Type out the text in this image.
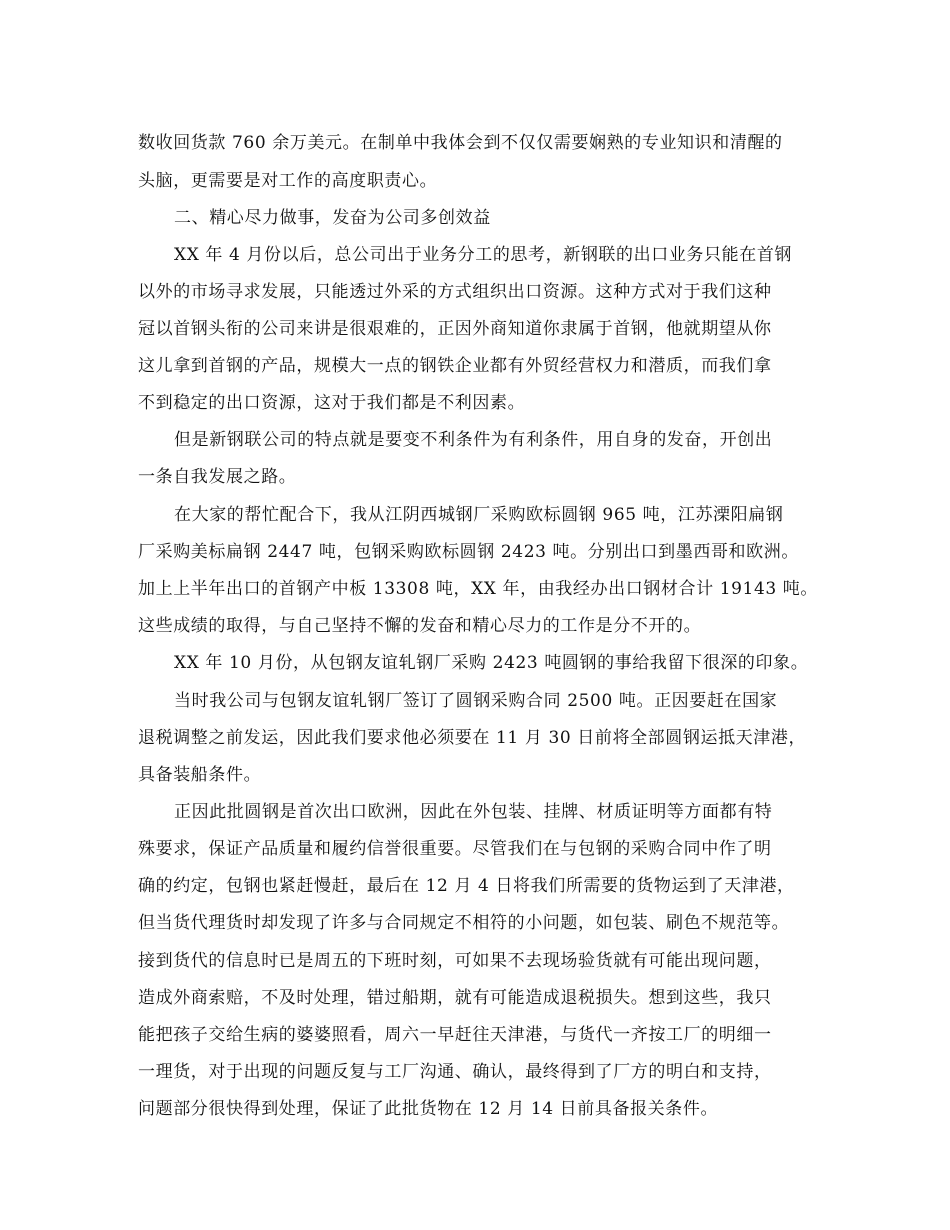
数收回货款 760 余万美元。在制单中我体会到不仅仅需要娴熟的专业知识和清醒的
头脑，更需要是对工作的高度职责心。
二、精心尽力做事，发奋为公司多创效益
XX 年 4 月份以后，总公司出于业务分工的思考，新钢联的出口业务只能在首钢
以外的市场寻求发展，只能透过外采的方式组织出口资源。这种方式对于我们这种
冠以首钢头衔的公司来讲是很艰难的，正因外商知道你隶属于首钢，他就期望从你
这儿拿到首钢的产品，规模大一点的钢铁企业都有外贸经营权力和潜质，而我们拿
不到稳定的出口资源，这对于我们都是不利因素。
但是新钢联公司的特点就是要变不利条件为有利条件，用自身的发奋，开创出
一条自我发展之路。
在大家的帮忙配合下，我从江阴西城钢厂采购欧标圆钢 965 吨，江苏溧阳扁钢
厂采购美标扁钢 2447 吨，包钢采购欧标圆钢 2423 吨。分别出口到墨西哥和欧洲。
加上上半年出口的首钢产中板 13308 吨，XX 年，由我经办出口钢材合计 19143 吨。
这些成绩的取得，与自己坚持不懈的发奋和精心尽力的工作是分不开的。
XX 年 10 月份，从包钢友谊轧钢厂采购 2423 吨圆钢的事给我留下很深的印象。
当时我公司与包钢友谊轧钢厂签订了圆钢采购合同 2500 吨。正因要赶在国家
退税调整之前发运，因此我们要求他必须要在 11 月 30 日前将全部圆钢运抵天津港，
具备装船条件。
正因此批圆钢是首次出口欧洲，因此在外包装、挂牌、材质证明等方面都有特
殊要求，保证产品质量和履约信誉很重要。尽管我们在与包钢的采购合同中作了明
确的约定，包钢也紧赶慢赶，最后在 12 月 4 日将我们所需要的货物运到了天津港，
但当货代理货时却发现了许多与合同规定不相符的小问题，如包装、刷色不规范等。
接到货代的信息时已是周五的下班时刻，可如果不去现场验货就有可能出现问题，
造成外商索赔，不及时处理，错过船期，就有可能造成退税损失。想到这些，我只
能把孩子交给生病的婆婆照看，周六一早赶往天津港，与货代一齐按工厂的明细一
一理货，对于出现的问题反复与工厂沟通、确认，最终得到了厂方的明白和支持，
问题部分很快得到处理，保证了此批货物在 12 月 14 日前具备报关条件。
